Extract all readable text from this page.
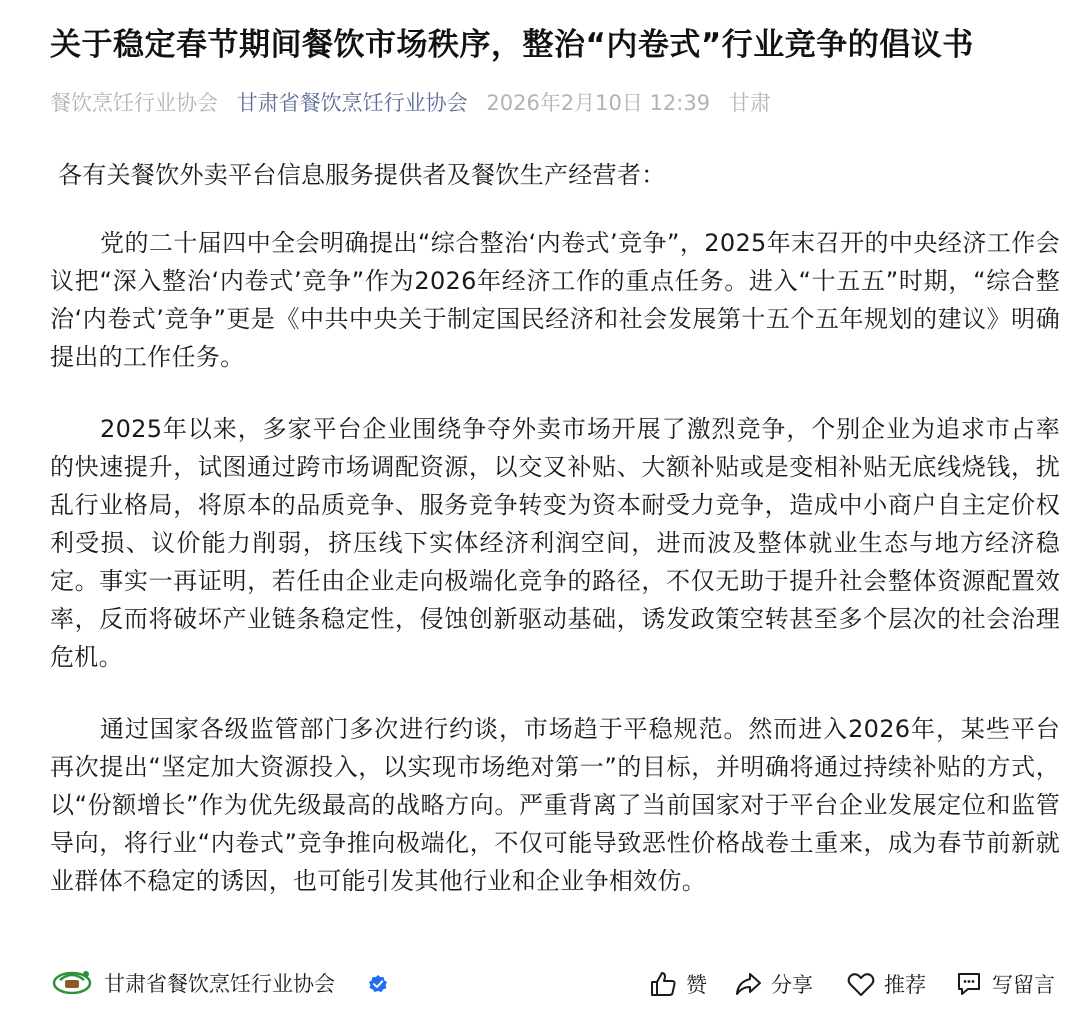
关于稳定春节期间餐饮市场秩序，整治“内卷式”行业竞争的倡议书
餐饮烹饪行业协会 甘肃省餐饮烹饪行业协会 2026年2月10日 12:39 甘肃

各有关餐饮外卖平台信息服务提供者及餐饮生产经营者：

党的二十届四中全会明确提出“综合整治‘内卷式’竞争”，2025年末召开的中央经济工作会议把“深入整治‘内卷式’竞争”作为2026年经济工作的重点任务。进入“十五五”时期，“综合整治‘内卷式’竞争”更是《中共中央关于制定国民经济和社会发展第十五个五年规划的建议》明确提出的工作任务。

2025年以来，多家平台企业围绕争夺外卖市场开展了激烈竞争，个别企业为追求市占率的快速提升，试图通过跨市场调配资源，以交叉补贴、大额补贴或是变相补贴无底线烧钱，扰乱行业格局，将原本的品质竞争、服务竞争转变为资本耐受力竞争，造成中小商户自主定价权利受损、议价能力削弱，挤压线下实体经济利润空间，进而波及整体就业生态与地方经济稳定。事实一再证明，若任由企业走向极端化竞争的路径，不仅无助于提升社会整体资源配置效率，反而将破坏产业链条稳定性，侵蚀创新驱动基础，诱发政策空转甚至多个层次的社会治理危机。

通过国家各级监管部门多次进行约谈，市场趋于平稳规范。然而进入2026年，某些平台再次提出“坚定加大资源投入，以实现市场绝对第一”的目标，并明确将通过持续补贴的方式，以“份额增长”作为优先级最高的战略方向。严重背离了当前国家对于平台企业发展定位和监管导向，将行业“内卷式”竞争推向极端化，不仅可能导致恶性价格战卷土重来，成为春节前新就业群体不稳定的诱因，也可能引发其他行业和企业争相效仿。

甘肃省餐饮烹饪行业协会	赞	分享	推荐	写留言
